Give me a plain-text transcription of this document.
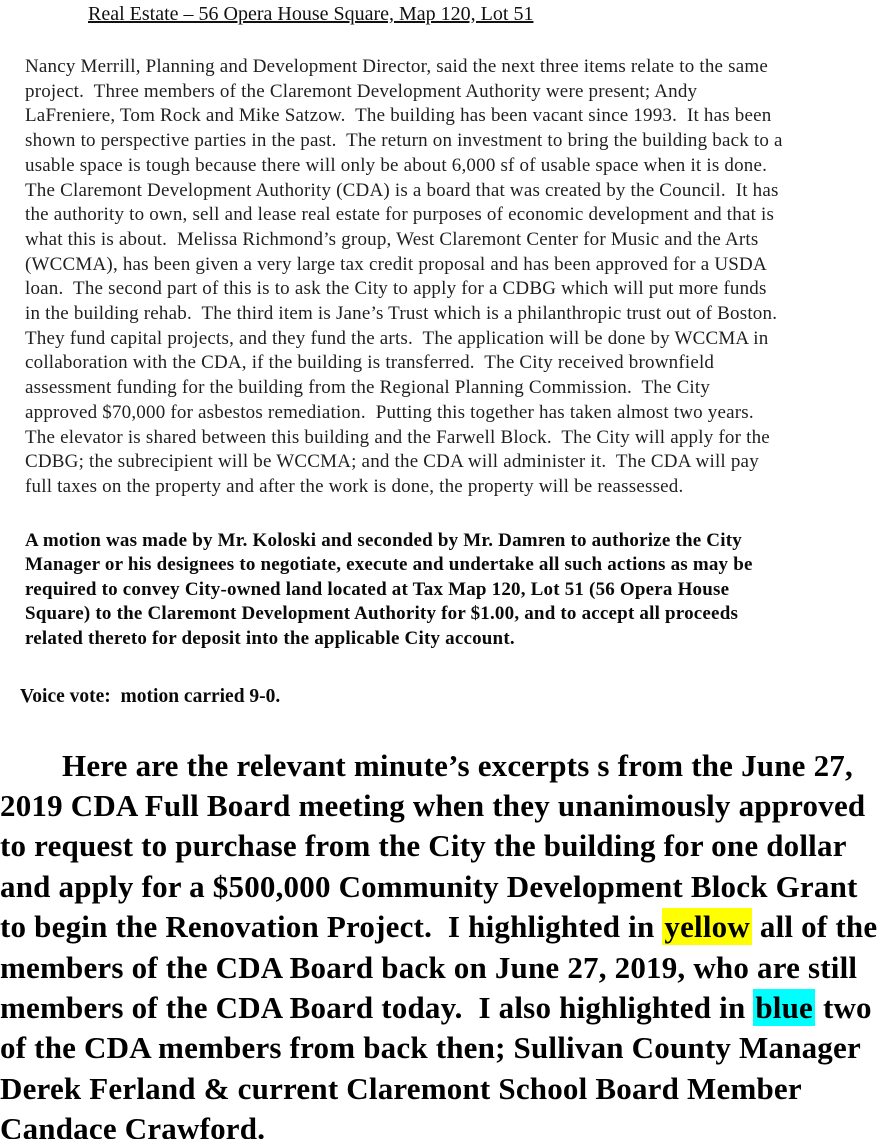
Real Estate – 56 Opera House Square, Map 120, Lot 51
Nancy Merrill, Planning and Development Director, said the next three items relate to the same
project.  Three members of the Claremont Development Authority were present; Andy
LaFreniere, Tom Rock and Mike Satzow.  The building has been vacant since 1993.  It has been
shown to perspective parties in the past.  The return on investment to bring the building back to a
usable space is tough because there will only be about 6,000 sf of usable space when it is done.
The Claremont Development Authority (CDA) is a board that was created by the Council.  It has
the authority to own, sell and lease real estate for purposes of economic development and that is
what this is about.  Melissa Richmond’s group, West Claremont Center for Music and the Arts
(WCCMA), has been given a very large tax credit proposal and has been approved for a USDA
loan.  The second part of this is to ask the City to apply for a CDBG which will put more funds
in the building rehab.  The third item is Jane’s Trust which is a philanthropic trust out of Boston.
They fund capital projects, and they fund the arts.  The application will be done by WCCMA in
collaboration with the CDA, if the building is transferred.  The City received brownfield
assessment funding for the building from the Regional Planning Commission.  The City
approved $70,000 for asbestos remediation.  Putting this together has taken almost two years.
The elevator is shared between this building and the Farwell Block.  The City will apply for the
CDBG; the subrecipient will be WCCMA; and the CDA will administer it.  The CDA will pay
full taxes on the property and after the work is done, the property will be reassessed.
A motion was made by Mr. Koloski and seconded by Mr. Damren to authorize the City
Manager or his designees to negotiate, execute and undertake all such actions as may be
required to convey City-owned land located at Tax Map 120, Lot 51 (56 Opera House
Square) to the Claremont Development Authority for $1.00, and to accept all proceeds
related thereto for deposit into the applicable City account.
Voice vote:  motion carried 9-0.
Here are the relevant minute’s excerpts s from the June 27,
2019 CDA Full Board meeting when they unanimously approved
to request to purchase from the City the building for one dollar
and apply for a $500,000 Community Development Block Grant
to begin the Renovation Project.  I highlighted in yellow all of the
members of the CDA Board back on June 27, 2019, who are still
members of the CDA Board today.  I also highlighted in blue two
of the CDA members from back then; Sullivan County Manager
Derek Ferland & current Claremont School Board Member
Candace Crawford.
